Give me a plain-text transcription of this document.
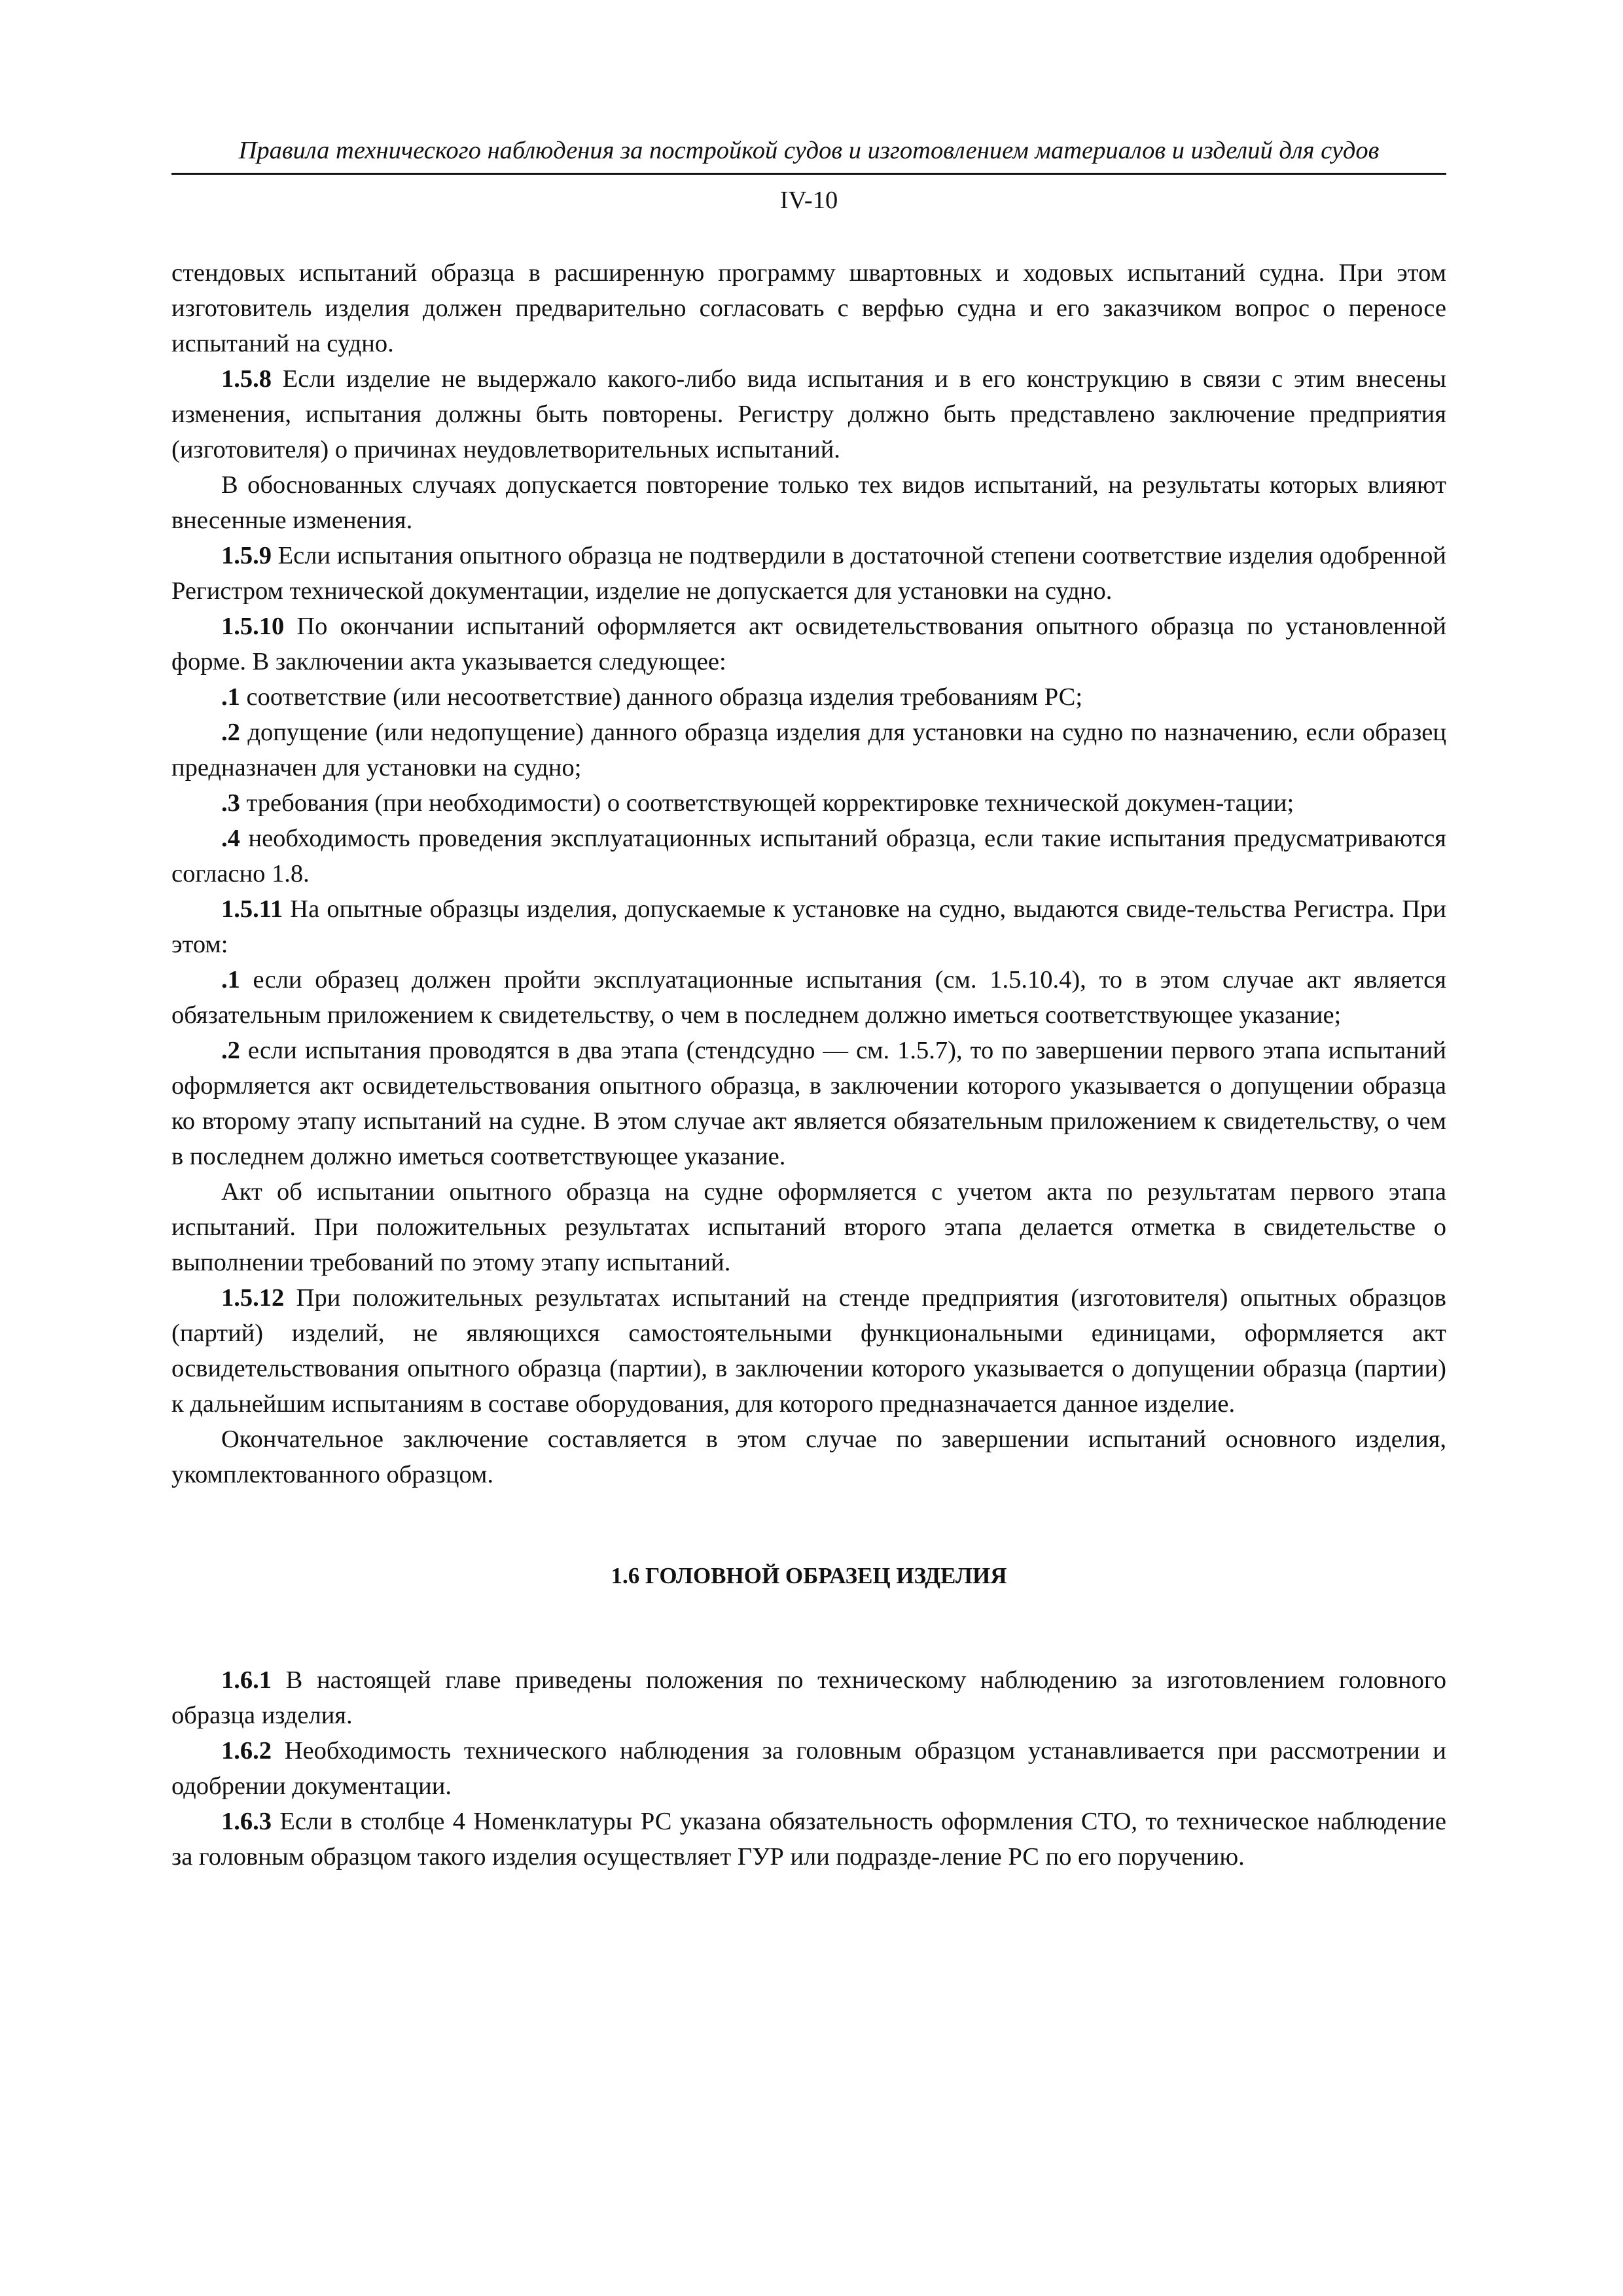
Правила технического наблюдения за постройкой судов и изготовлением материалов и изделий для судов
IV-10

стендовых испытаний образца в расширенную программу швартовных и ходовых испытаний судна. При этом изготовитель изделия должен предварительно согласовать с верфью судна и его заказчиком вопрос о переносе испытаний на судно.

1.5.8 Если изделие не выдержало какого-либо вида испытания и в его конструкцию в связи с этим внесены изменения, испытания должны быть повторены. Регистру должно быть представлено заключение предприятия (изготовителя) о причинах неудовлетворительных испытаний.

В обоснованных случаях допускается повторение только тех видов испытаний, на результаты которых влияют внесенные изменения.

1.5.9 Если испытания опытного образца не подтвердили в достаточной степени соответствие изделия одобренной Регистром технической документации, изделие не допускается для установки на судно.

1.5.10 По окончании испытаний оформляется акт освидетельствования опытного образца по установленной форме. В заключении акта указывается следующее:

.1 соответствие (или несоответствие) данного образца изделия требованиям РС;

.2 допущение (или недопущение) данного образца изделия для установки на судно по назначению, если образец предназначен для установки на судно;

.3 требования (при необходимости) о соответствующей корректировке технической докумен-тации;

.4 необходимость проведения эксплуатационных испытаний образца, если такие испытания предусматриваются согласно 1.8.

1.5.11 На опытные образцы изделия, допускаемые к установке на судно, выдаются свиде-тельства Регистра. При этом:

.1 если образец должен пройти эксплуатационные испытания (см. 1.5.10.4), то в этом случае акт является обязательным приложением к свидетельству, о чем в последнем должно иметься соответствующее указание;

.2 если испытания проводятся в два этапа (стендсудно — см. 1.5.7), то по завершении первого этапа испытаний оформляется акт освидетельствования опытного образца, в заключении которого указывается о допущении образца ко второму этапу испытаний на судне. В этом случае акт является обязательным приложением к свидетельству, о чем в последнем должно иметься соответствующее указание.

Акт об испытании опытного образца на судне оформляется с учетом акта по результатам первого этапа испытаний. При положительных результатах испытаний второго этапа делается отметка в свидетельстве о выполнении требований по этому этапу испытаний.

1.5.12 При положительных результатах испытаний на стенде предприятия (изготовителя) опытных образцов (партий) изделий, не являющихся самостоятельными функциональными единицами, оформляется акт освидетельствования опытного образца (партии), в заключении которого указывается о допущении образца (партии) к дальнейшим испытаниям в составе оборудования, для которого предназначается данное изделие.

Окончательное заключение составляется в этом случае по завершении испытаний основного изделия, укомплектованного образцом.

1.6 ГОЛОВНОЙ ОБРАЗЕЦ ИЗДЕЛИЯ

1.6.1 В настоящей главе приведены положения по техническому наблюдению за изготовлением головного образца изделия.

1.6.2 Необходимость технического наблюдения за головным образцом устанавливается при рассмотрении и одобрении документации.

1.6.3 Если в столбце 4 Номенклатуры РС указана обязательность оформления СТО, то техническое наблюдение за головным образцом такого изделия осуществляет ГУР или подразде-ление РС по его поручению.
